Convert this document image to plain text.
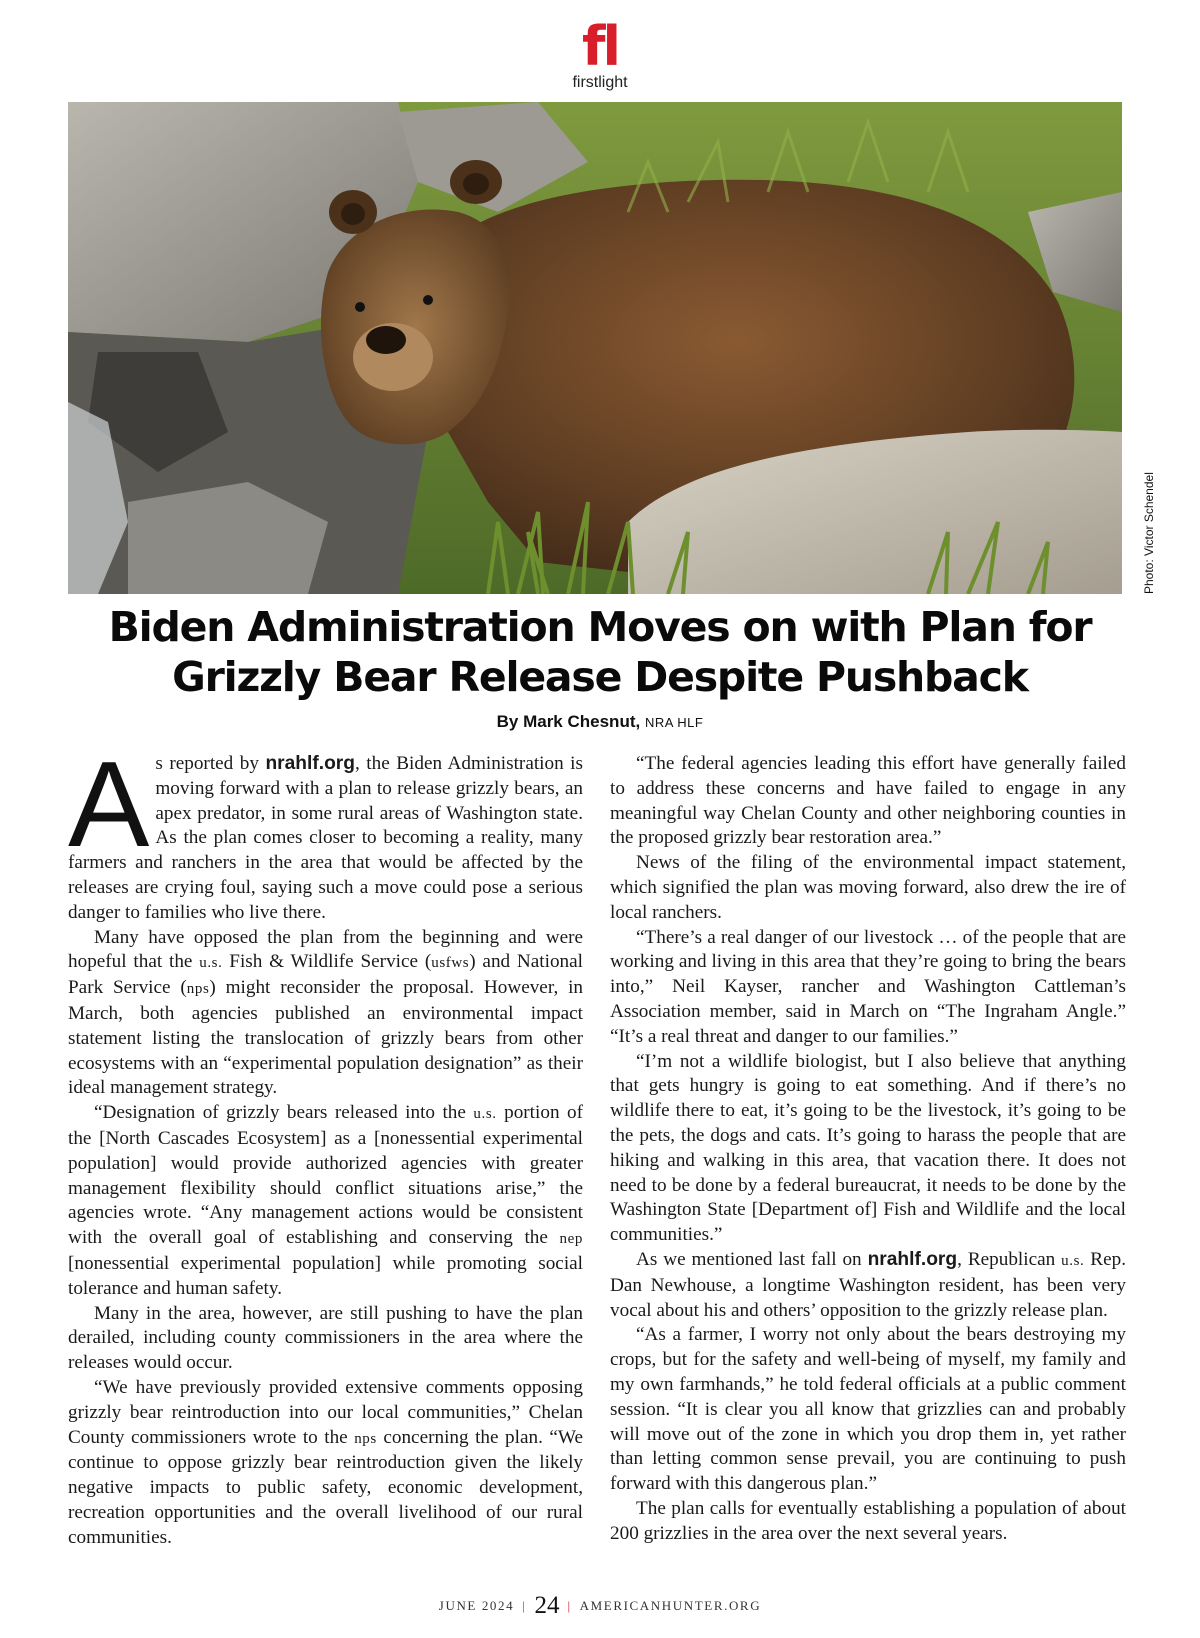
fl
firstlight
Photo: Victor Schendel
Biden Administration Moves on with Plan for Grizzly Bear Release Despite Pushback
By Mark Chesnut, NRA HLF

As reported by nrahlf.org, the Biden Administration is moving forward with a plan to release grizzly bears, an apex predator, in some rural areas of Washington state. As the plan comes closer to becoming a reality, many farmers and ranchers in the area that would be affected by the releases are crying foul, saying such a move could pose a serious danger to families who live there.

Many have opposed the plan from the beginning and were hopeful that the u.s. Fish & Wildlife Service (usfws) and National Park Service (nps) might reconsider the proposal. However, in March, both agencies published an environmental impact statement listing the translocation of grizzly bears from other ecosystems with an “experimental population designation” as their ideal management strategy.

“Designation of grizzly bears released into the u.s. portion of the [North Cascades Ecosystem] as a [nonessential experimental population] would provide authorized agencies with greater management flexibility should conflict situations arise,” the agencies wrote. “Any management actions would be consistent with the overall goal of establishing and conserving the nep [nonessential experimental population] while promoting social tolerance and human safety.

Many in the area, however, are still pushing to have the plan derailed, including county commissioners in the area where the releases would occur.

“We have previously provided extensive comments opposing grizzly bear reintroduction into our local communities,” Chelan County commissioners wrote to the nps concerning the plan. “We continue to oppose grizzly bear reintroduction given the likely negative impacts to public safety, economic development, recreation opportunities and the overall livelihood of our rural communities.

“The federal agencies leading this effort have generally failed to address these concerns and have failed to engage in any meaningful way Chelan County and other neighboring counties in the proposed grizzly bear restoration area.”

News of the filing of the environmental impact statement, which signified the plan was moving forward, also drew the ire of local ranchers.

“There’s a real danger of our livestock … of the people that are working and living in this area that they’re going to bring the bears into,” Neil Kayser, rancher and Washington Cattleman’s Association member, said in March on “The Ingraham Angle.” “It’s a real threat and danger to our families.”

“I’m not a wildlife biologist, but I also believe that anything that gets hungry is going to eat something. And if there’s no wildlife there to eat, it’s going to be the livestock, it’s going to be the pets, the dogs and cats. It’s going to harass the people that are hiking and walking in this area, that vacation there. It does not need to be done by a federal bureaucrat, it needs to be done by the Washington State [Department of] Fish and Wildlife and the local communities.”

As we mentioned last fall on nrahlf.org, Republican u.s. Rep. Dan Newhouse, a longtime Washington resident, has been very vocal about his and others’ opposition to the grizzly release plan.

“As a farmer, I worry not only about the bears destroying my crops, but for the safety and well-being of myself, my family and my own farmhands,” he told federal officials at a public comment session. “It is clear you all know that grizzlies can and probably will move out of the zone in which you drop them in, yet rather than letting common sense prevail, you are continuing to push forward with this dangerous plan.”

The plan calls for eventually establishing a population of about 200 grizzlies in the area over the next several years.

JUNE 2024 | 24 | AMERICANHUNTER.ORG
